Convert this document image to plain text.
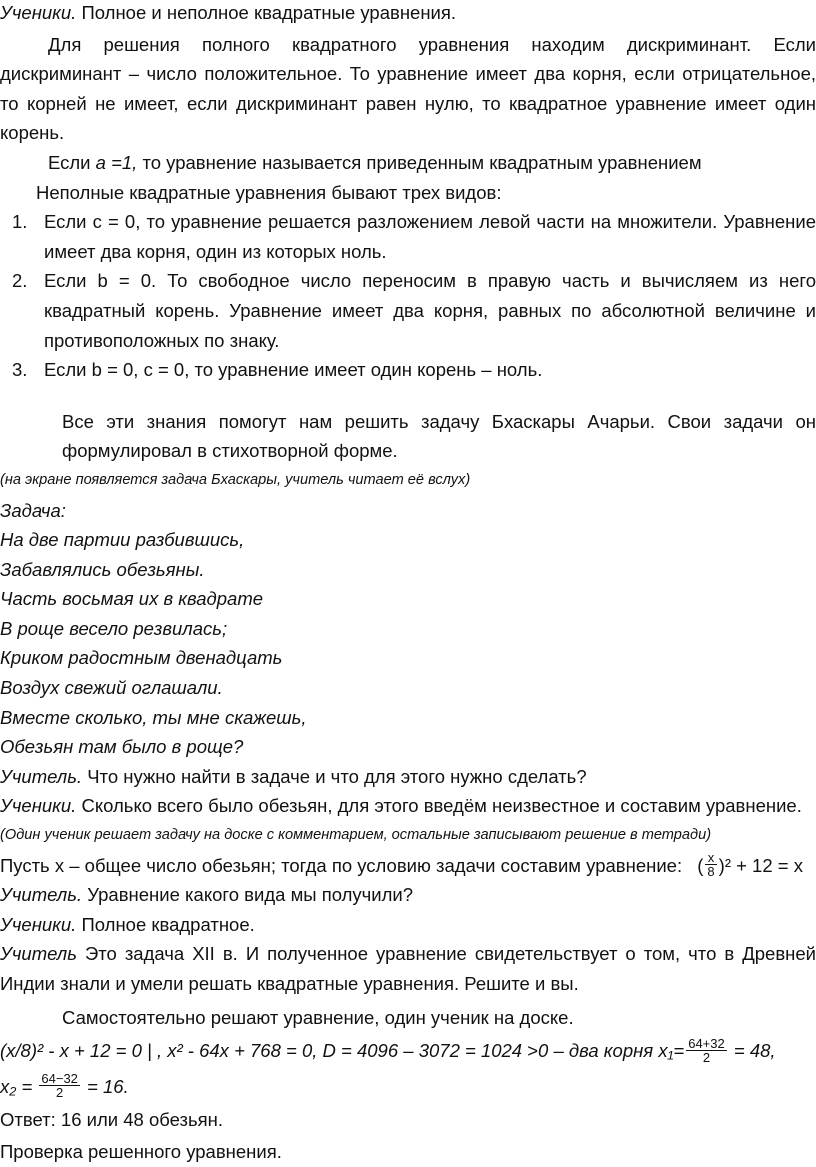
Ученики. Полное и неполное квадратные уравнения.
Для решения полного квадратного уравнения находим дискриминант. Если
дискриминант – число положительное. То уравнение имеет два корня, если отрицательное,
то корней не имеет, если дискриминант равен нулю, то квадратное уравнение имеет один
корень.
Если a =1, то уравнение называется приведенным квадратным уравнением
Неполные квадратные уравнения бывают трех видов:
1. Если с = 0, то уравнение решается разложением левой части на множители. Уравнение
имеет два корня, один из которых ноль.
2. Если b = 0. То свободное число переносим в правую часть и вычисляем из него
квадратный корень. Уравнение имеет два корня, равных по абсолютной величине и
противоположных по знаку.
3. Если b = 0, с = 0, то уравнение имеет один корень – ноль.
Все эти знания помогут нам решить задачу Бхаскары Ачарьи. Свои задачи он
формулировал в стихотворной форме.
(на экране появляется задача Бхаскары, учитель читает её вслух)
Задача:
На две партии разбившись,
Забавлялись обезьяны.
Часть восьмая их в квадрате
В роще весело резвилась;
Криком радостным двенадцать
Воздух свежий оглашали.
Вместе сколько, ты мне скажешь,
Обезьян там было в роще?
Учитель. Что нужно найти в задаче и что для этого нужно сделать?
Ученики. Сколько всего было обезьян, для этого введём неизвестное и составим уравнение.
(Один ученик решает задачу на доске с комментарием, остальные записывают решение в тетради)
Пусть x – общее число обезьян; тогда по условию задачи составим уравнение: ( $\frac{x}{8} )^2 + 12 = x$
Учитель. Уравнение какого вида мы получили?
Ученики. Полное квадратное.
Учитель Это задача XII в. И полученное уравнение свидетельствует о том, что в Древней
Индии знали и умели решать квадратные уравнения. Решите и вы.
Самостоятельно решают уравнение, один ученик на доске.
(x/8)² - x + 12 = 0 | , x² - 64x + 768 = 0, D = 4096 – 3072 = 1024 ˃0 – два корня $x_1= \frac{64+32}{2} = 48$,
$x_2 = \frac{64-32}{2} = 16$.
Ответ: 16 или 48 обезьян.
Проверка решенного уравнения.
